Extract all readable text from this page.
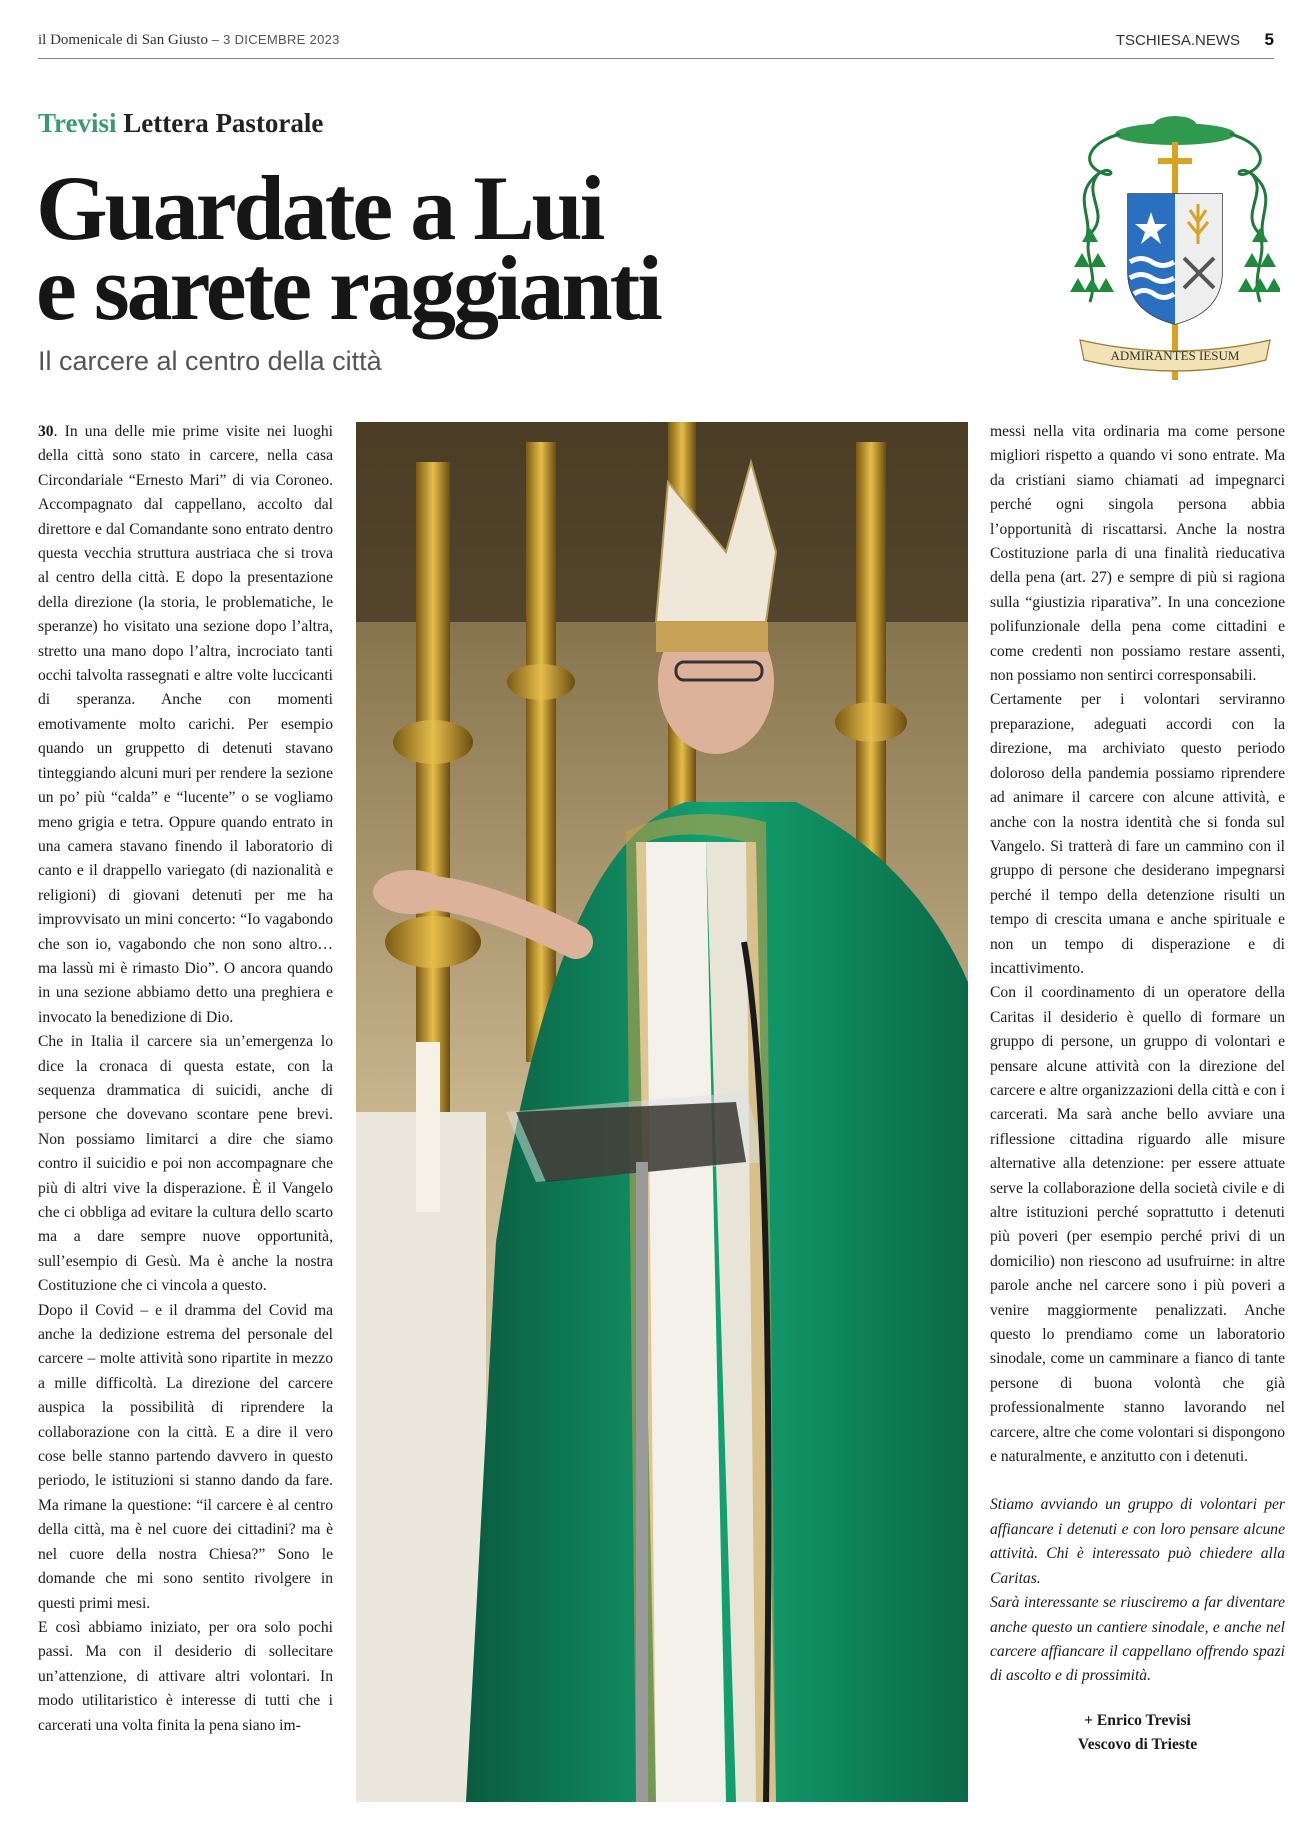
il Domenicale di San Giusto – 3 DICEMBRE 2023	TSCHIESA.NEWS 5
Trevisi Lettera Pastorale
Guardate a Lui
e sarete raggianti
Il carcere al centro della città	ADMIRANTES IESUM

30. In una delle mie prime visite nei luoghi della città sono stato in carcere, nella casa Circondariale “Ernesto Mari” di via Coroneo. Accompagnato dal cappellano, accolto dal direttore e dal Comandante sono entrato dentro questa vecchia struttura austriaca che si trova al centro della città. E dopo la presentazione della direzione (la storia, le problematiche, le speranze) ho visitato una sezione dopo l’altra, stretto una mano dopo l’altra, incrociato tanti occhi talvolta rassegnati e altre volte luccicanti di speranza. Anche con momenti emotivamente molto carichi. Per esempio quando un gruppetto di detenuti stavano tinteggiando alcuni muri per rendere la sezione un po’ più “calda” e “lucente” o se vogliamo meno grigia e tetra. Oppure quando entrato in una camera stavano finendo il laboratorio di canto e il drappello variegato (di nazionalità e religioni) di giovani detenuti per me ha improvvisato un mini concerto: “Io vagabondo che son io, vagabondo che non sono altro… ma lassù mi è rimasto Dio”. O ancora quando in una sezione abbiamo detto una preghiera e invocato la benedizione di Dio.

Che in Italia il carcere sia un’emergenza lo dice la cronaca di questa estate, con la sequenza drammatica di suicidi, anche di persone che dovevano scontare pene brevi. Non possiamo limitarci a dire che siamo contro il suicidio e poi non accompagnare che più di altri vive la disperazione. È il Vangelo che ci obbliga ad evitare la cultura dello scarto ma a dare sempre nuove opportunità, sull’esempio di Gesù. Ma è anche la nostra Costituzione che ci vincola a questo.

Dopo il Covid – e il dramma del Covid ma anche la dedizione estrema del personale del carcere – molte attività sono ripartite in mezzo a mille difficoltà. La direzione del carcere auspica la possibilità di riprendere la collaborazione con la città. E a dire il vero cose belle stanno partendo davvero in questo periodo, le istituzioni si stanno dando da fare. Ma rimane la questione: “il carcere è al centro della città, ma è nel cuore dei cittadini? ma è nel cuore della nostra Chiesa?” Sono le domande che mi sono sentito rivolgere in questi primi mesi.

E così abbiamo iniziato, per ora solo pochi passi. Ma con il desiderio di sollecitare un’attenzione, di attivare altri volontari. In modo utilitaristico è interesse di tutti che i carcerati una volta finita la pena siano im-

messi nella vita ordinaria ma come persone migliori rispetto a quando vi sono entrate. Ma da cristiani siamo chiamati ad impegnarci perché ogni singola persona abbia l’opportunità di riscattarsi. Anche la nostra Costituzione parla di una finalità rieducativa della pena (art. 27) e sempre di più si ragiona sulla “giustizia riparativa”. In una concezione polifunzionale della pena come cittadini e come credenti non possiamo restare assenti, non possiamo non sentirci corresponsabili.

Certamente per i volontari serviranno preparazione, adeguati accordi con la direzione, ma archiviato questo periodo doloroso della pandemia possiamo riprendere ad animare il carcere con alcune attività, e anche con la nostra identità che si fonda sul Vangelo. Si tratterà di fare un cammino con il gruppo di persone che desiderano impegnarsi perché il tempo della detenzione risulti un tempo di crescita umana e anche spirituale e non un tempo di disperazione e di incattivimento.

Con il coordinamento di un operatore della Caritas il desiderio è quello di formare un gruppo di persone, un gruppo di volontari e pensare alcune attività con la direzione del carcere e altre organizzazioni della città e con i carcerati. Ma sarà anche bello avviare una riflessione cittadina riguardo alle misure alternative alla detenzione: per essere attuate serve la collaborazione della società civile e di altre istituzioni perché soprattutto i detenuti più poveri (per esempio perché privi di un domicilio) non riescono ad usufruirne: in altre parole anche nel carcere sono i più poveri a venire maggiormente penalizzati. Anche questo lo prendiamo come un laboratorio sinodale, come un camminare a fianco di tante persone di buona volontà che già professionalmente stanno lavorando nel carcere, altre che come volontari si dispongono e naturalmente, e anzitutto con i detenuti.

Stiamo avviando un gruppo di volontari per affiancare i detenuti e con loro pensare alcune attività. Chi è interessato può chiedere alla Caritas.

Sarà interessante se riusciremo a far diventare anche questo un cantiere sinodale, e anche nel carcere affiancare il cappellano offrendo spazi di ascolto e di prossimità.

+ Enrico Trevisi
Vescovo di Trieste
